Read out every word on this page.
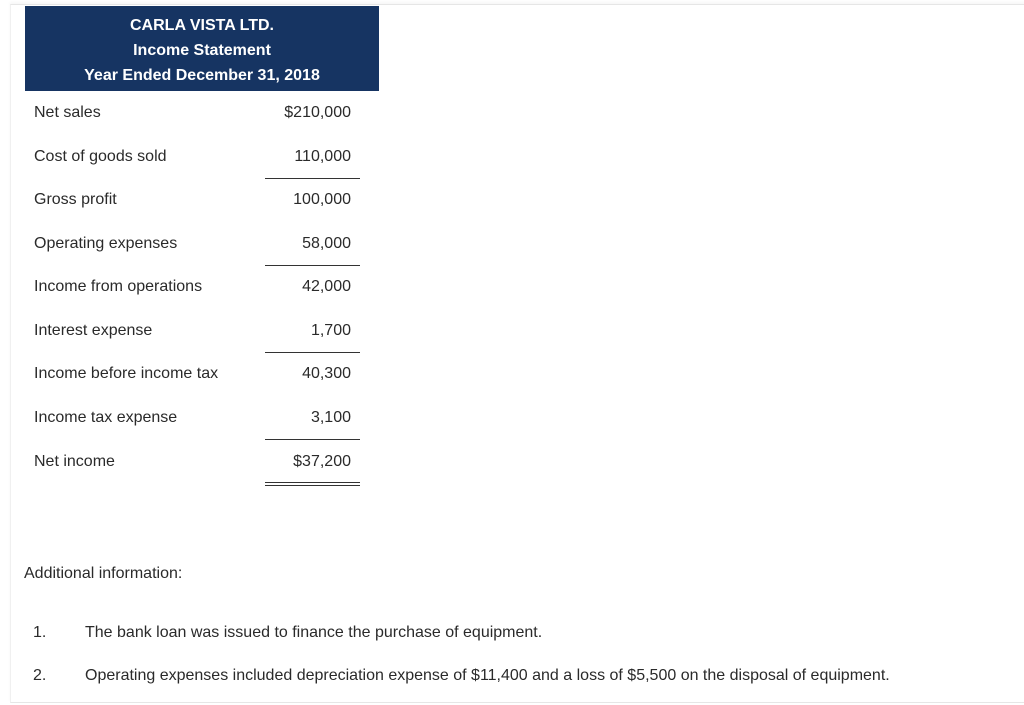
CARLA VISTA LTD.
Income Statement
Year Ended December 31, 2018
Net sales	$210,000
Cost of goods sold	110,000
Gross profit	100,000
Operating expenses	58,000
Income from operations	42,000
Interest expense	1,700
Income before income tax	40,300
Income tax expense	3,100
Net income	$37,200
Additional information:
1. The bank loan was issued to finance the purchase of equipment.
2. Operating expenses included depreciation expense of $11,400 and a loss of $5,500 on the disposal of equipment.
